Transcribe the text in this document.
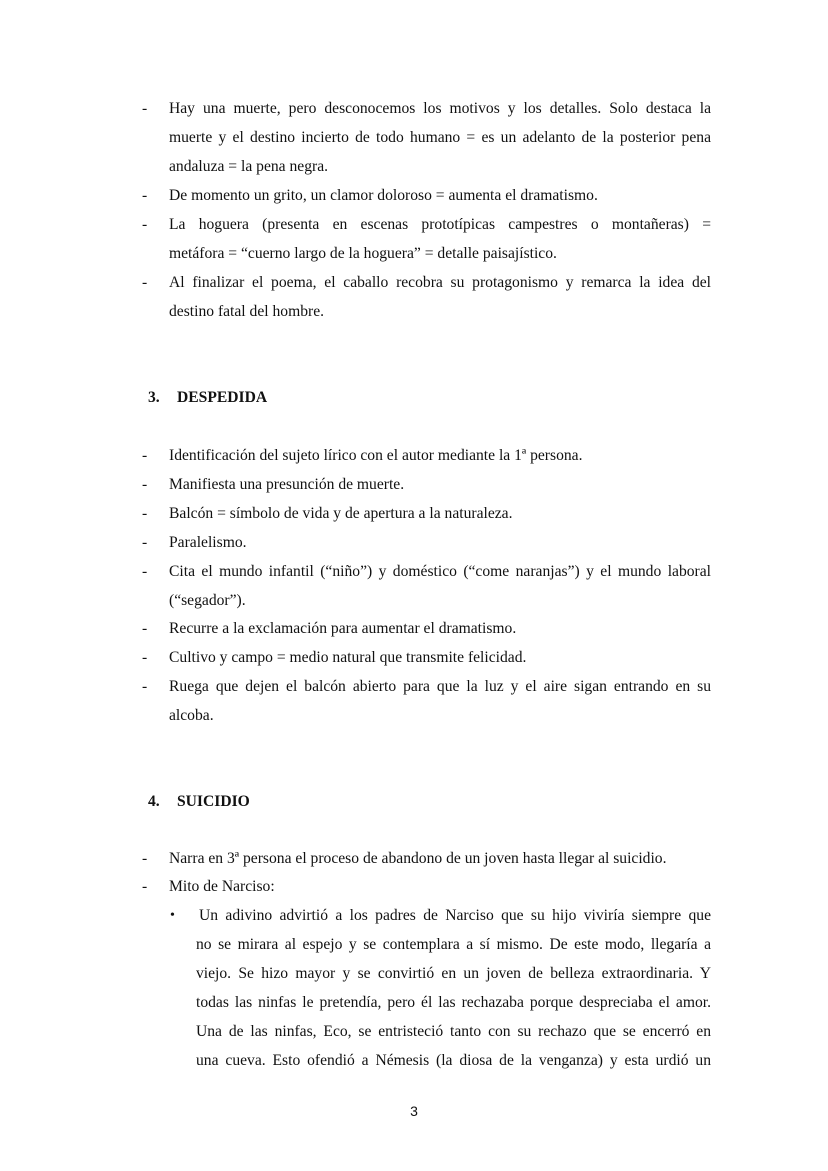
- Hay una muerte, pero desconocemos los motivos y los detalles. Solo destaca la
muerte y el destino incierto de todo humano = es un adelanto de la posterior pena
andaluza = la pena negra.
- De momento un grito, un clamor doloroso = aumenta el dramatismo.
- La hoguera (presenta en escenas prototípicas campestres o montañeras) =
metáfora = “cuerno largo de la hoguera” = detalle paisajístico.
- Al finalizar el poema, el caballo recobra su protagonismo y remarca la idea del
destino fatal del hombre.
3. DESPEDIDA
- Identificación del sujeto lírico con el autor mediante la 1ª persona.
- Manifiesta una presunción de muerte.
- Balcón = símbolo de vida y de apertura a la naturaleza.
- Paralelismo.
- Cita el mundo infantil (“niño”) y doméstico (“come naranjas”) y el mundo laboral
(“segador”).
- Recurre a la exclamación para aumentar el dramatismo.
- Cultivo y campo = medio natural que transmite felicidad.
- Ruega que dejen el balcón abierto para que la luz y el aire sigan entrando en su
alcoba.
4. SUICIDIO
- Narra en 3ª persona el proceso de abandono de un joven hasta llegar al suicidio.
- Mito de Narciso:
• Un adivino advirtió a los padres de Narciso que su hijo viviría siempre que
no se mirara al espejo y se contemplara a sí mismo. De este modo, llegaría a
viejo. Se hizo mayor y se convirtió en un joven de belleza extraordinaria. Y
todas las ninfas le pretendía, pero él las rechazaba porque despreciaba el amor.
Una de las ninfas, Eco, se entristeció tanto con su rechazo que se encerró en
una cueva. Esto ofendió a Némesis (la diosa de la venganza) y esta urdió un
3
